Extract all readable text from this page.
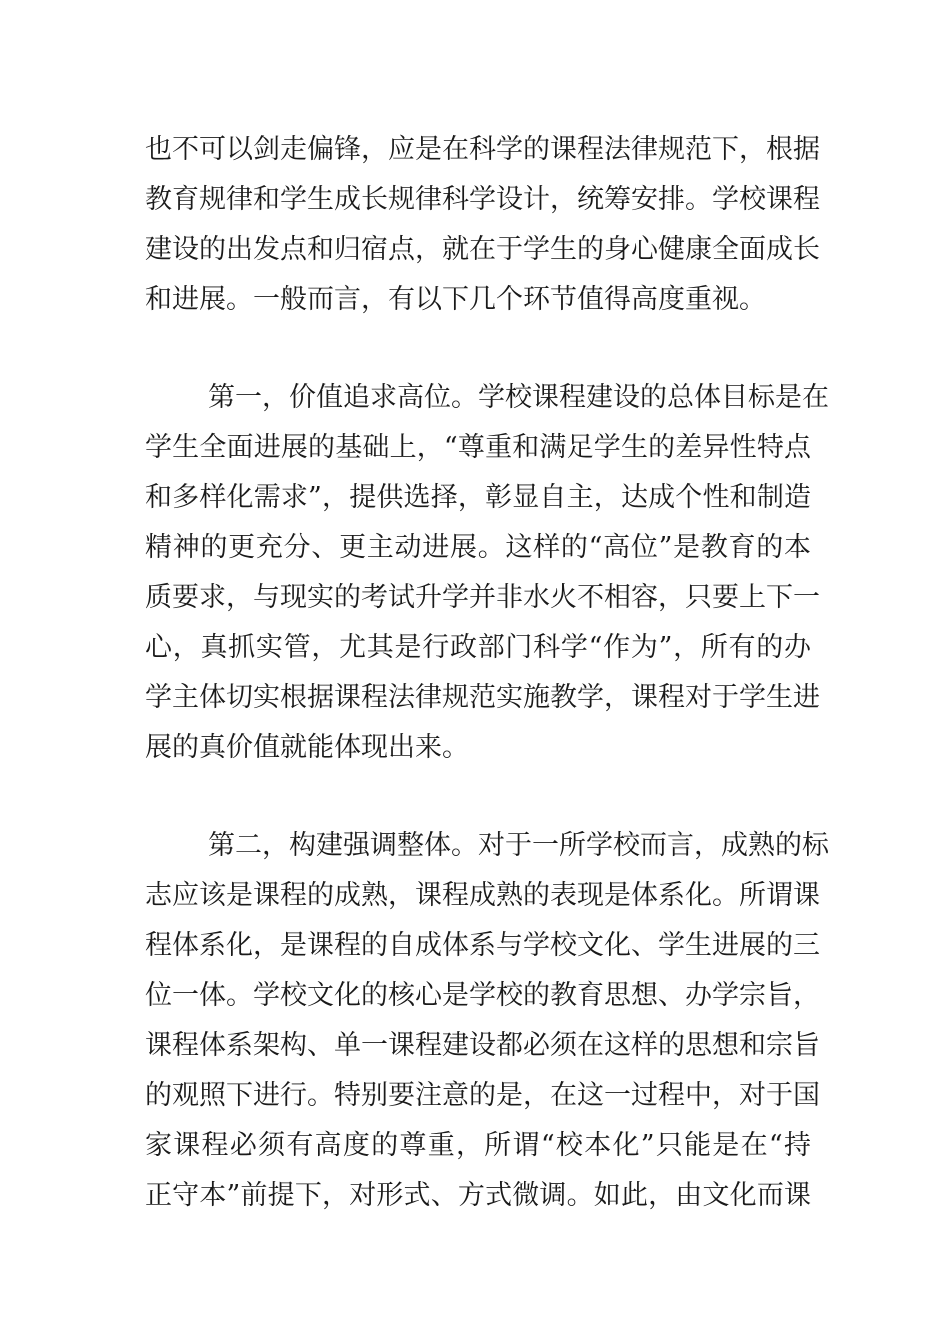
也不可以剑走偏锋，应是在科学的课程法律规范下，根据
教育规律和学生成长规律科学设计，统筹安排。学校课程
建设的出发点和归宿点，就在于学生的身心健康全面成长
和进展。一般而言，有以下几个环节值得高度重视。
第一，价值追求高位。学校课程建设的总体目标是在
学生全面进展的基础上，“尊重和满足学生的差异性特点
和多样化需求”，提供选择，彰显自主，达成个性和制造
精神的更充分、更主动进展。这样的“高位”是教育的本
质要求，与现实的考试升学并非水火不相容，只要上下一
心，真抓实管，尤其是行政部门科学“作为”，所有的办
学主体切实根据课程法律规范实施教学，课程对于学生进
展的真价值就能体现出来。
第二，构建强调整体。对于一所学校而言，成熟的标
志应该是课程的成熟，课程成熟的表现是体系化。所谓课
程体系化，是课程的自成体系与学校文化、学生进展的三
位一体。学校文化的核心是学校的教育思想、办学宗旨，
课程体系架构、单一课程建设都必须在这样的思想和宗旨
的观照下进行。特别要注意的是，在这一过程中，对于国
家课程必须有高度的尊重，所谓“校本化”只能是在“持
正守本”前提下，对形式、方式微调。如此，由文化而课
